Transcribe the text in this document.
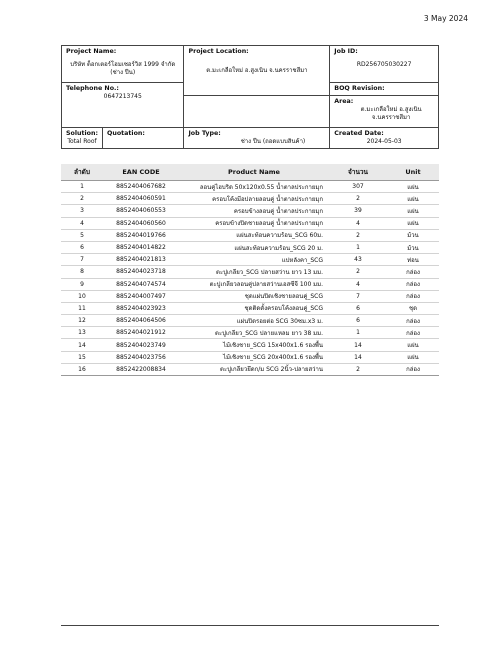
3 May 2024
Project Name:
บริษัท ด็อกเตอร์โฮมเซอร์วิส 1999 จำกัด (ช่าง ปืน)		Project Location:
ต.มะเกลือใหม่ อ.สูงเนิน จ.นครราชสีมา	Job ID:
RD256705030227

Telephone No.:
0647213745			BOQ Revision:

			Area:
ต.มะเกลือใหม่ อ.สูงเนิน จ.นครราชสีมา

Solution:
Total Roof	Quotation:	Job Type:
ช่าง ปืน (ถอดแบบสินค้า)	Created Date:
2024-05-03
ลำดับ	EAN CODE	Product Name	จำนวน	Unit
1	8852404067682	ลอนคู่ไฮบริด 50x120x0.55 น้ำตาลประกายมุก	307	แผ่น
2	8852404060591	ครอบโค้งมีอปลายลอนคู่ น้ำตาลประกายมุก	2	แผ่น
3	8852404060553	ครอบข้างลอนคู่ น้ำตาลประกายมุก	39	แผ่น
4	8852404060560	ครอบข้างปิดชายลอนคู่ น้ำตาลประกายมุก	4	แผ่น
5	8852404019766	แผ่นสะท้อนความร้อน_SCG 60ม.	2	ม้วน
6	8852404014822	แผ่นสะท้อนความร้อน_SCG 20 ม.	1	ม้วน
7	8852404021813	แปหลังคา_SCG	43	ท่อน
8	8852404023718	ตะปูเกลียว_SCG ปลายสว่าน ยาว 13 มม.	2	กล่อง
9	8852404074574	ตะปูเกลียวลอนคู่ปลายสว่านเอสซีจี 100 มม.	4	กล่อง
10	8852404007497	ชุดแผ่นปิดเชิงชายลอนคู่_SCG	7	กล่อง
11	8852404023923	ชุดติดตั้งครอบโค้งลอนคู่_SCG	6	ชุด
12	8852404064506	แผ่นปิดรอยต่อ SCG 30ซม.x3 ม.	6	กล่อง
13	8852404021912	ตะปูเกลียว_SCG ปลายแหลม ยาว 38 มม.	1	กล่อง
14	8852404023749	ไม้เชิงชาย_SCG 15x400x1.6 รองพื้น	14	แผ่น
15	8852404023756	ไม้เชิงชาย_SCG 20x400x1.6 รองพื้น	14	แผ่น
16	8852422008834	ตะปูเกลียวยึดก/ม SCG 2นิ้ว-ปลายสว่าน	2	กล่อง
